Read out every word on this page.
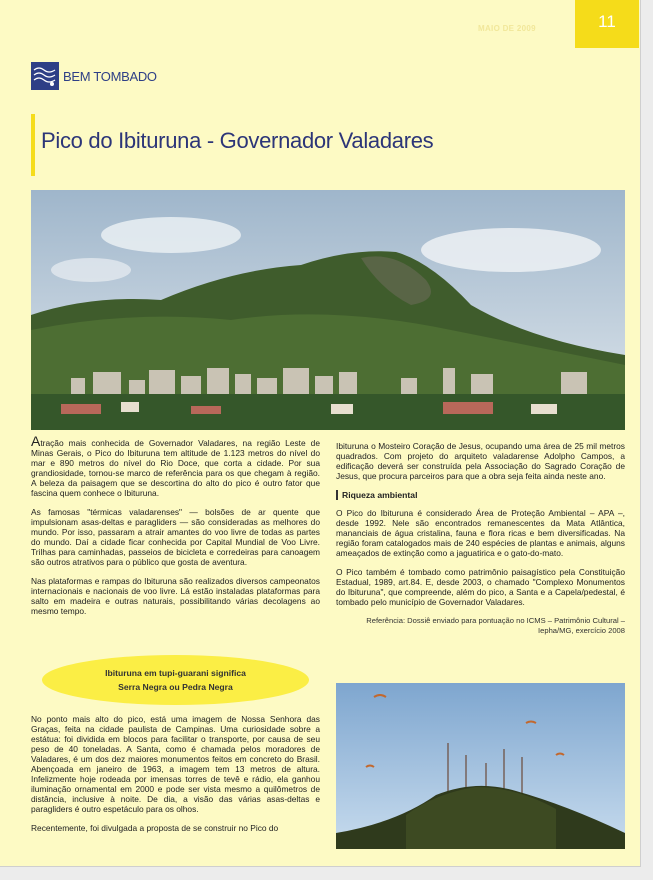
MAIO DE 2009	11
BEM TOMBADO
Pico do Ibituruna - Governador Valadares

Atração mais conhecida de Governador Valadares, na região Leste de Minas Gerais, o Pico do Ibituruna tem altitude de 1.123 metros do nível do mar e 890 metros do nível do Rio Doce, que corta a cidade. Por sua grandiosidade, tornou-se marco de referência para os que chegam à região. A beleza da paisagem que se descortina do alto do pico é outro fator que fascina quem conhece o Ibituruna.

As famosas "térmicas valadarenses" — bolsões de ar quente que impulsionam asas-deltas e paragliders — são consideradas as melhores do mundo. Por isso, passaram a atrair amantes do voo livre de todas as partes do mundo. Daí a cidade ficar conhecida por Capital Mundial de Voo Livre. Trilhas para caminhadas, passeios de bicicleta e corredeiras para canoagem são outros atrativos para o público que gosta de aventura.

Nas plataformas e rampas do Ibituruna são realizados diversos campeonatos internacionais e nacionais de voo livre. Lá estão instaladas plataformas para salto em madeira e outras naturais, possibilitando várias decolagens ao mesmo tempo.

Ibituruna em tupi-guarani significa
Serra Negra ou Pedra Negra

No ponto mais alto do pico, está uma imagem de Nossa Senhora das Graças, feita na cidade paulista de Campinas. Uma curiosidade sobre a estátua: foi dividida em blocos para facilitar o transporte, por causa de seu peso de 40 toneladas. A Santa, como é chamada pelos moradores de Valadares, é um dos dez maiores monumentos feitos em concreto do Brasil. Abençoada em janeiro de 1963, a imagem tem 13 metros de altura. Infelizmente hoje rodeada por imensas torres de tevê e rádio, ela ganhou iluminação ornamental em 2000 e pode ser vista mesmo a quilômetros de distância, inclusive à noite. De dia, a visão das várias asas-deltas e paragliders é outro espetáculo para os olhos.

Recentemente, foi divulgada a proposta de se construir no Pico do

Ibituruna o Mosteiro Coração de Jesus, ocupando uma área de 25 mil metros quadrados. Com projeto do arquiteto valadarense Adolpho Campos, a edificação deverá ser construída pela Associação do Sagrado Coração de Jesus, que procura parceiros para que a obra seja feita ainda neste ano.

Riqueza ambiental

O Pico do Ibituruna é considerado Área de Proteção Ambiental – APA –, desde 1992. Nele são encontrados remanescentes da Mata Atlântica, mananciais de água cristalina, fauna e flora ricas e bem diversificadas. Na região foram catalogados mais de 240 espécies de plantas e animais, alguns ameaçados de extinção como a jaguatirica e o gato-do-mato.

O Pico também é tombado como patrimônio paisagístico pela Constituição Estadual, 1989, art.84. E, desde 2003, o chamado "Complexo Monumentos do Ibituruna", que compreende, além do pico, a Santa e a Capela/pedestal, é tombado pelo município de Governador Valadares.

Referência: Dossiê enviado para pontuação no ICMS – Patrimônio Cultural – Iepha/MG, exercício 2008
